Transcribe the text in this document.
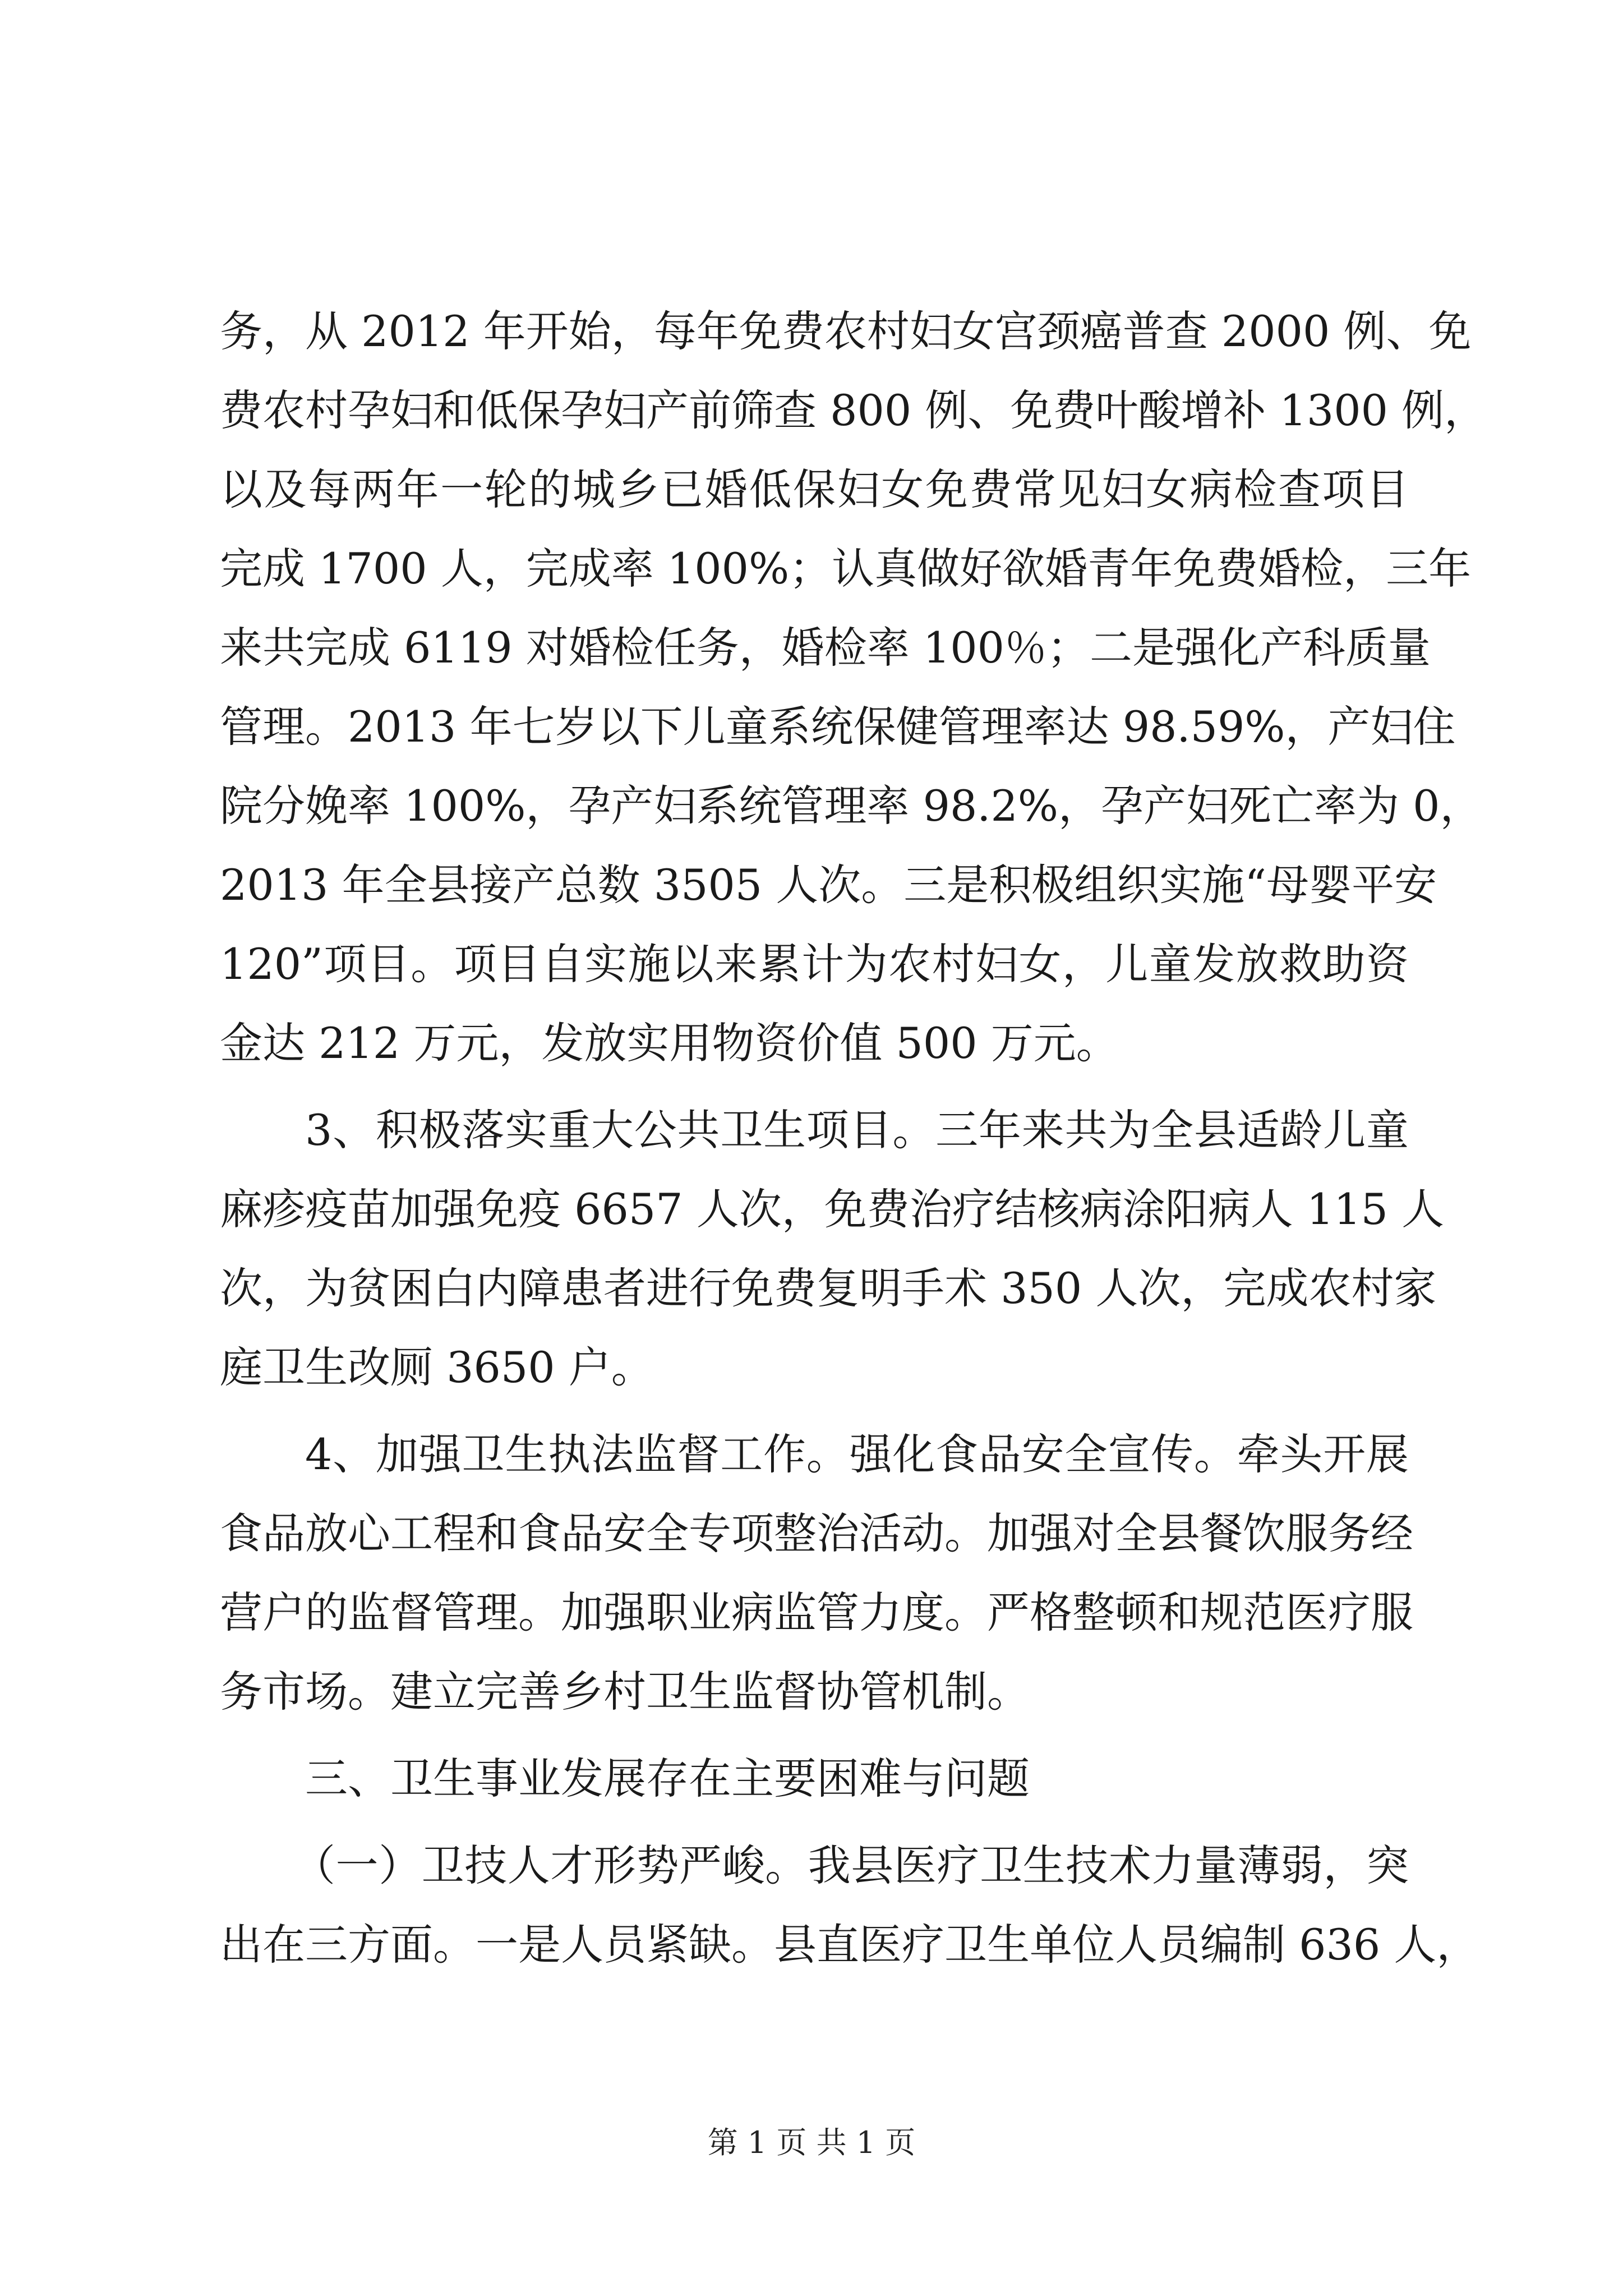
务，从 2012 年开始，每年免费农村妇女宫颈癌普查 2000 例、免
费农村孕妇和低保孕妇产前筛查 800 例、免费叶酸增补 1300 例，
以及每两年一轮的城乡已婚低保妇女免费常见妇女病检查项目
完成 1700 人，完成率 100%；认真做好欲婚青年免费婚检，三年
来共完成 6119 对婚检任务，婚检率 100％；二是强化产科质量
管理。2013 年七岁以下儿童系统保健管理率达 98.59%，产妇住
院分娩率 100%，孕产妇系统管理率 98.2%，孕产妇死亡率为 0，
2013 年全县接产总数 3505 人次。三是积极组织实施“母婴平安
120”项目。项目自实施以来累计为农村妇女，儿童发放救助资
金达 212 万元，发放实用物资价值 500 万元。
3、积极落实重大公共卫生项目。三年来共为全县适龄儿童
麻疹疫苗加强免疫 6657 人次，免费治疗结核病涂阳病人 115 人
次，为贫困白内障患者进行免费复明手术 350 人次，完成农村家
庭卫生改厕 3650 户。
4、加强卫生执法监督工作。强化食品安全宣传。牵头开展
食品放心工程和食品安全专项整治活动。加强对全县餐饮服务经
营户的监督管理。加强职业病监管力度。严格整顿和规范医疗服
务市场。建立完善乡村卫生监督协管机制。
三、卫生事业发展存在主要困难与问题
（一）卫技人才形势严峻。我县医疗卫生技术力量薄弱，突
出在三方面。一是人员紧缺。县直医疗卫生单位人员编制 636 人，
第 1 页 共 1 页
